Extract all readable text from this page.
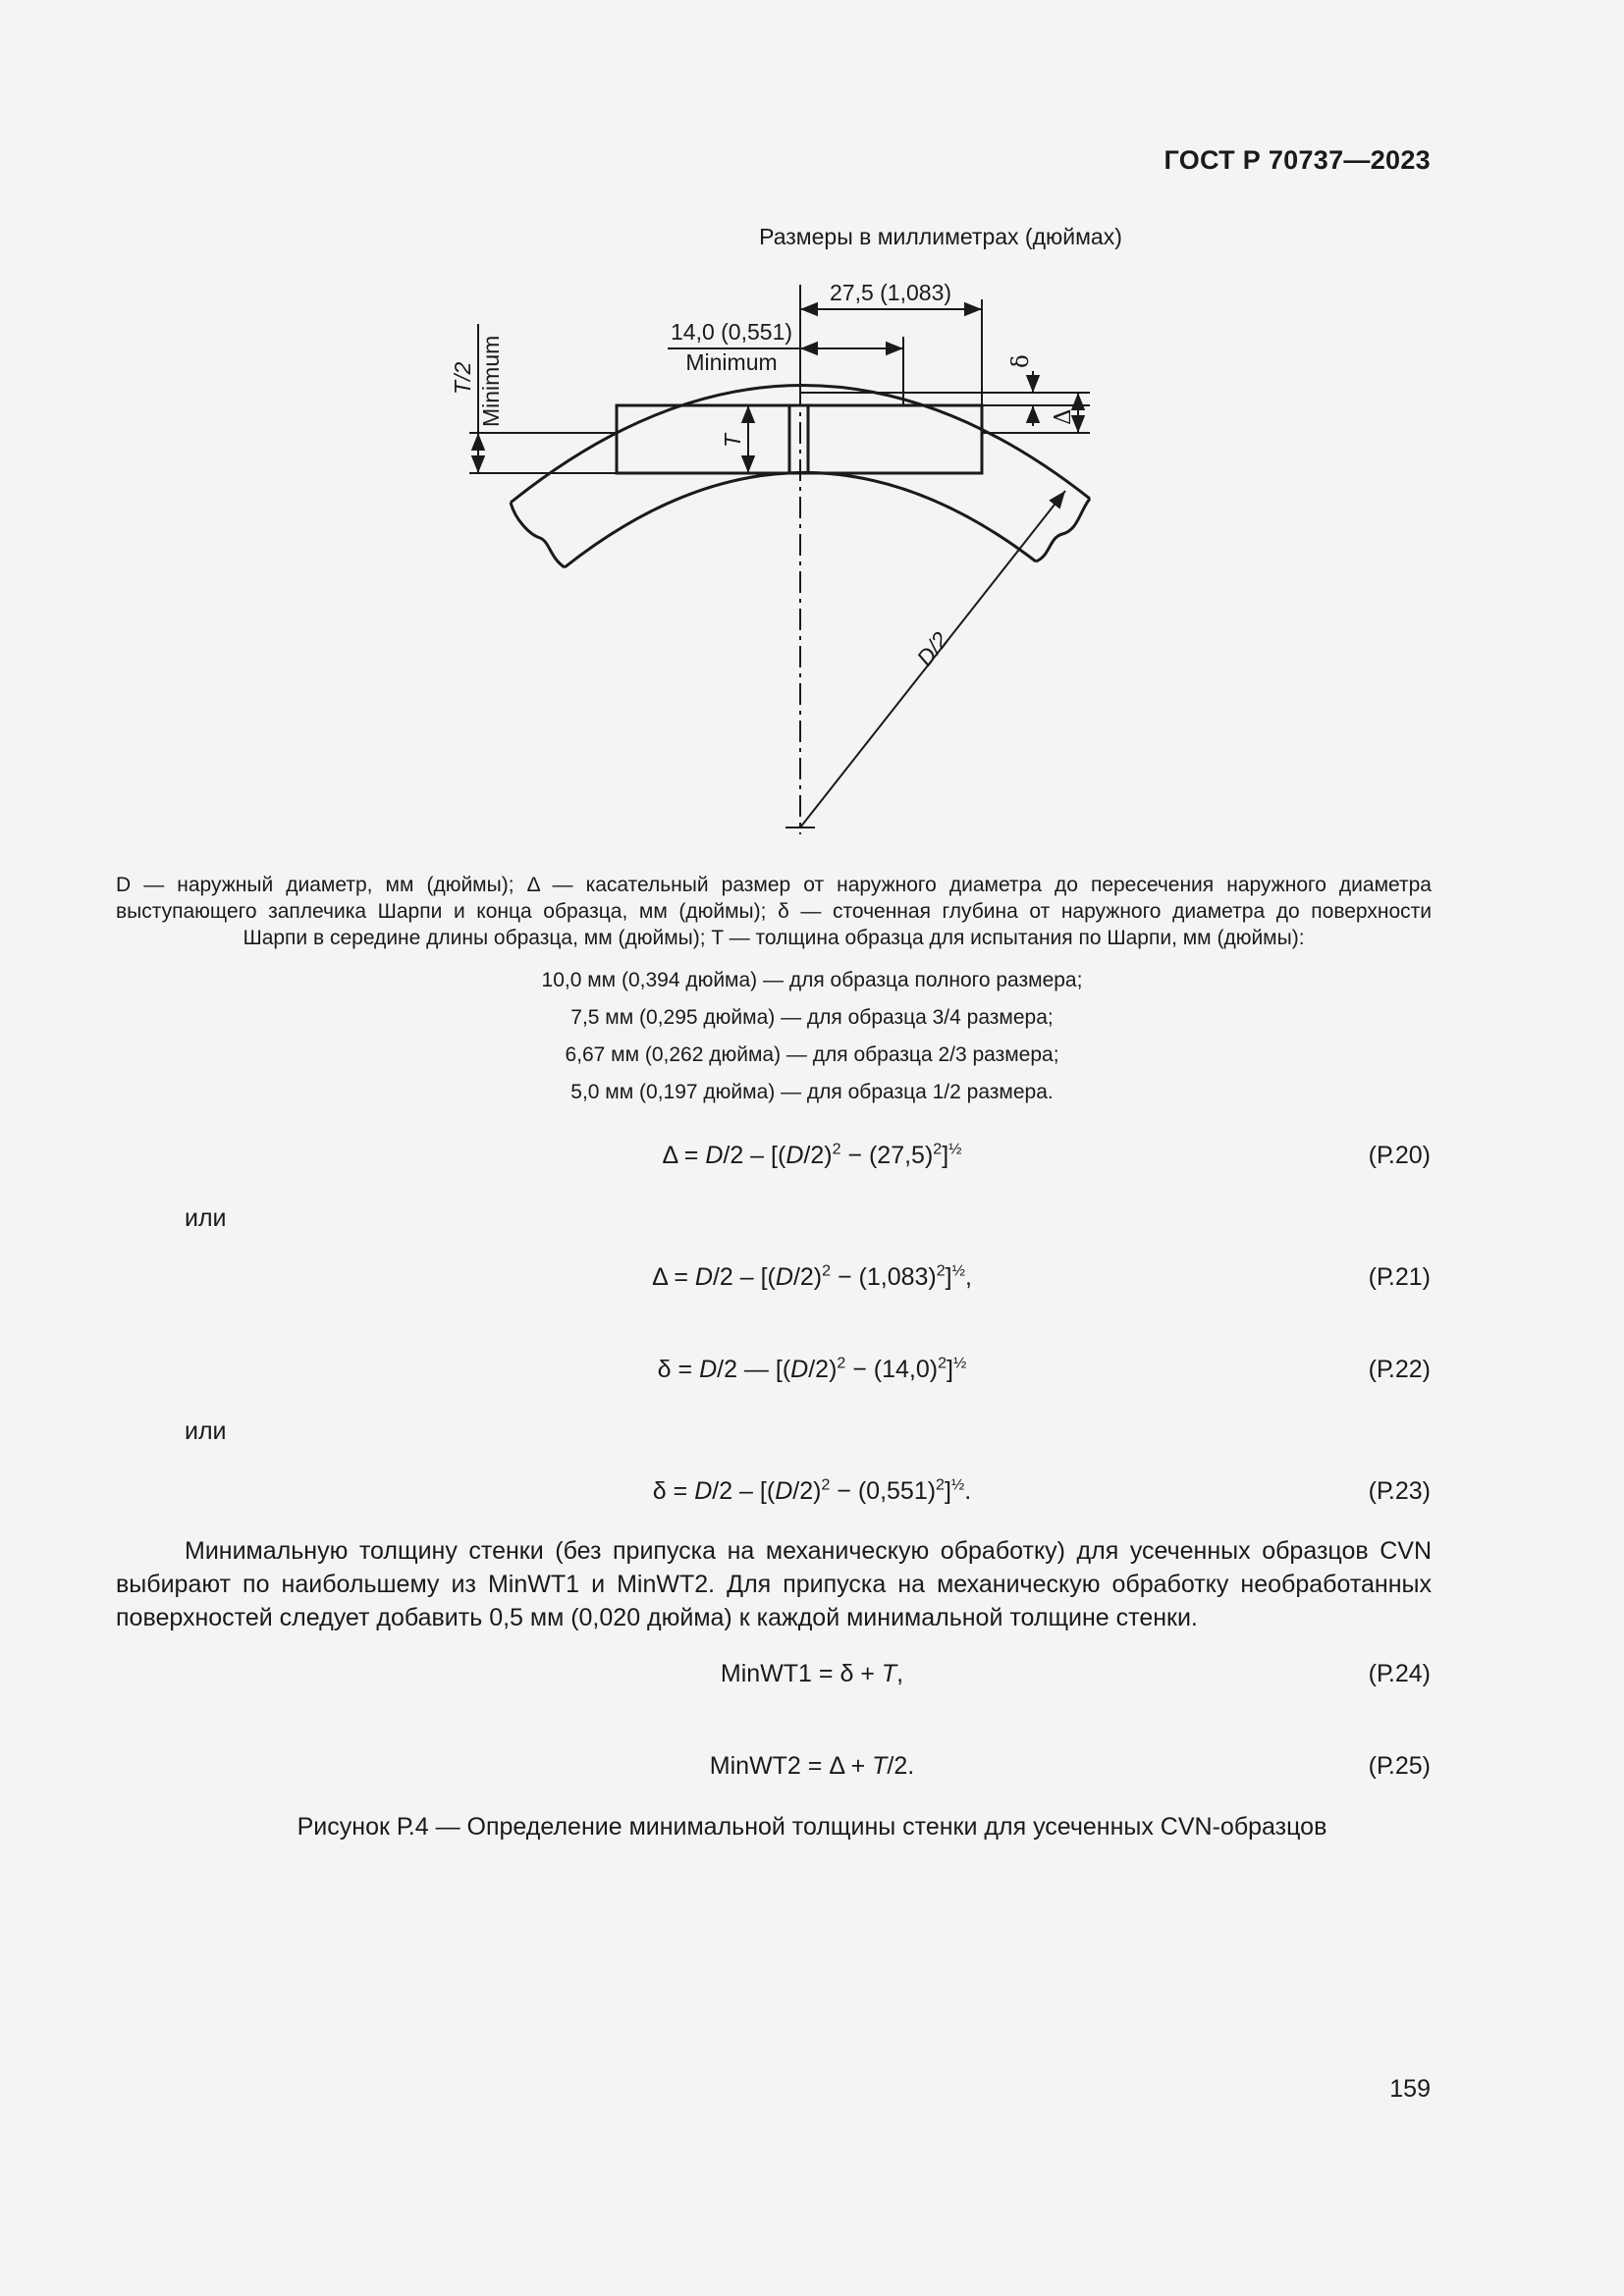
ГОСТ Р 70737—2023
Размеры в миллиметрах (дюймах)
27,5 (1,083)
14,0 (0,551)
Minimum
T/2 Minimum
T
δ
Δ
D/2

D — наружный диаметр, мм (дюймы); Δ — касательный размер от наружного диаметра до пересечения наружного диаметра

выступающего заплечика Шарпи и конца образца, мм (дюймы); δ — сточенная глубина от наружного диаметра до поверхности

Шарпи в середине длины образца, мм (дюймы); T — толщина образца для испытания по Шарпи, мм (дюймы):

10,0 мм (0,394 дюйма) — для образца полного размера;
7,5 мм (0,295 дюйма) — для образца 3/4 размера;
6,67 мм (0,262 дюйма) — для образца 2/3 размера;
5,0 мм (0,197 дюйма) — для образца 1/2 размера.
$\Delta = D/2 - [(D/2)^2 - (27,5)^2]^{\frac{1}{2}}$	(Р.20)
или
$\Delta = D/2 - [(D/2)^2 - (1,083)^2]^{\frac{1}{2}}$,	(Р.21)
δ = D/2 — $[(D/2)^2 - (14,0)^2]^{\frac{1}{2}}$	(Р.22)
или
$\delta = D/2 - [(D/2)^2 - (0,551)^2]^{\frac{1}{2}}$.	(Р.23)
Минимальную толщину стенки (без припуска на механическую обработку) для усеченных образцов CVN выбирают по наибольшему из MinWT1 и MinWT2. Для припуска на механическую обработку необработанных поверхностей следует добавить 0,5 мм (0,020 дюйма) к каждой минимальной толщине стенки.
MinWT1 = δ + T,	(Р.24)
MinWT2 = Δ + T/2.	(Р.25)
Рисунок Р.4 — Определение минимальной толщины стенки для усеченных CVN-образцов
159
